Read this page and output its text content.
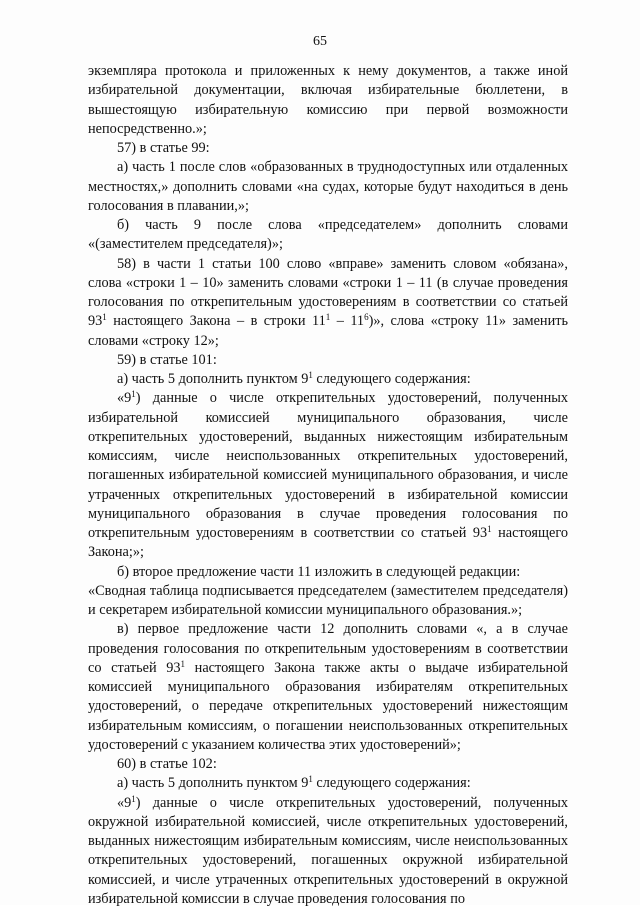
65

экземпляра протокола и приложенных к нему документов, а также иной избирательной документации, включая избирательные бюллетени, в вышестоящую избирательную комиссию при первой возможности непосредственно.»;

57) в статье 99:

а) часть 1 после слов «образованных в труднодоступных или отдаленных местностях,» дополнить словами «на судах, которые будут находиться в день голосования в плавании,»;

б) часть 9 после слова «председателем» дополнить словами «(заместителем председателя)»;

58) в части 1 статьи 100 слово «вправе» заменить словом «обязана», слова «строки 1 – 10» заменить словами «строки 1 – 11 (в случае проведения голосования по открепительным удостоверениям в соответствии со статьей $93^1$ настоящего Закона – в строки $11^1 - 11^6$)», слова «строку 11» заменить словами «строку 12»;

59) в статье 101:

а) часть 5 дополнить пунктом $9^1$ следующего содержания:

«$9^1$) данные о числе открепительных удостоверений, полученных избирательной комиссией муниципального образования, числе открепительных удостоверений, выданных нижестоящим избирательным комиссиям, числе неиспользованных открепительных удостоверений, погашенных избирательной комиссией муниципального образования, и числе утраченных открепительных удостоверений в избирательной комиссии муниципального образования в случае проведения голосования по открепительным удостоверениям в соответствии со статьей $93^1$ настоящего Закона;»;

б) второе предложение части 11 изложить в следующей редакции:

«Сводная таблица подписывается председателем (заместителем председателя) и секретарем избирательной комиссии муниципального образования.»;

в) первое предложение части 12 дополнить словами «, а в случае проведения голосования по открепительным удостоверениям в соответствии со статьей $93^1$ настоящего Закона также акты о выдаче избирательной комиссией муниципального образования избирателям открепительных удостоверений, о передаче открепительных удостоверений нижестоящим избирательным комиссиям, о погашении неиспользованных открепительных удостоверений с указанием количества этих удостоверений»;

60) в статье 102:

а) часть 5 дополнить пунктом $9^1$ следующего содержания:

«$9^1$) данные о числе открепительных удостоверений, полученных окружной избирательной комиссией, числе открепительных удостоверений, выданных нижестоящим избирательным комиссиям, числе неиспользованных открепительных удостоверений, погашенных окружной избирательной комиссией, и числе утраченных открепительных удостоверений в окружной избирательной комиссии в случае проведения голосования по
